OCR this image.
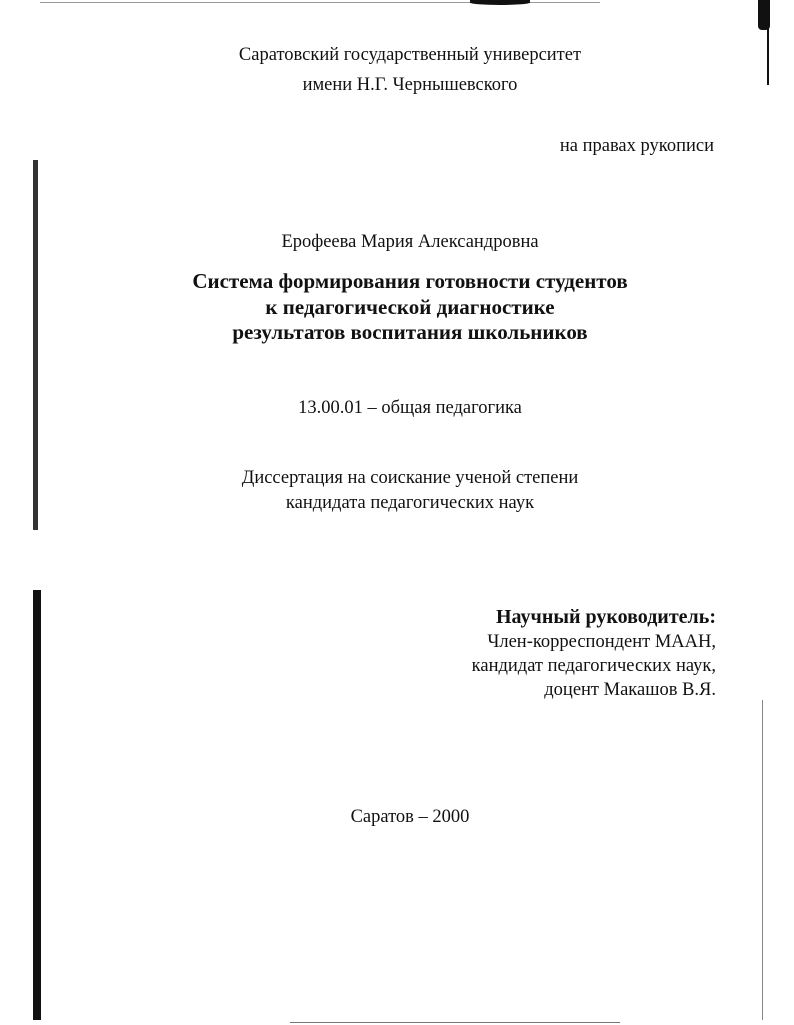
Саратовский государственный университет
имени Н.Г. Чернышевского
на правах рукописи
Ерофеева Мария Александровна
Система формирования готовности студентов
к педагогической диагностике
результатов воспитания школьников
13.00.01 – общая педагогика
Диссертация на соискание ученой степени
кандидата педагогических наук
Научный руководитель:
Член-корреспондент МААН,
кандидат педагогических наук,
доцент Макашов В.Я.
Саратов – 2000
